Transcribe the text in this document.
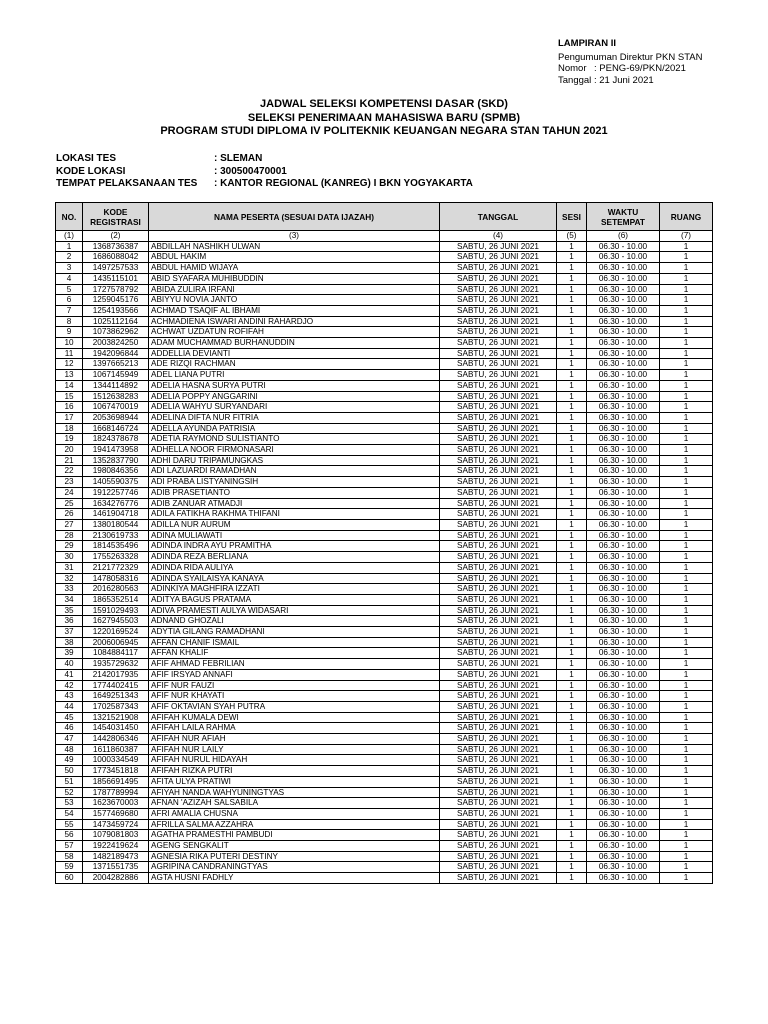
LAMPIRAN II
Pengumuman Direktur PKN STAN
Nomor : PENG-69/PKN/2021
Tanggal : 21 Juni 2021
JADWAL SELEKSI KOMPETENSI DASAR (SKD)
SELEKSI PENERIMAAN MAHASISWA BARU (SPMB)
PROGRAM STUDI DIPLOMA IV POLITEKNIK KEUANGAN NEGARA STAN TAHUN 2021
LOKASI TES	: SLEMAN
KODE LOKASI	: 300500470001
TEMPAT PELAKSANAAN TES	: KANTOR REGIONAL (KANREG) I BKN YOGYAKARTA
NO.	KODE REGISTRASI	NAMA PESERTA (SESUAI DATA IJAZAH)	TANGGAL	SESI	WAKTU SETEMPAT	RUANG
(1)	(2)	(3)	(4)	(5)	(6)	(7)
1	1368736387	ABDILLAH NASHIKH ULWAN	SABTU, 26 JUNI 2021	1	06.30 - 10.00	1
2	1686088042	ABDUL HAKIM	SABTU, 26 JUNI 2021	1	06.30 - 10.00	1
3	1497257533	ABDUL HAMID WIJAYA	SABTU, 26 JUNI 2021	1	06.30 - 10.00	1
4	1435115101	ABID SYAFARA MUHIBUDDIN	SABTU, 26 JUNI 2021	1	06.30 - 10.00	1
5	1727578792	ABIDA ZULIRA IRFANI	SABTU, 26 JUNI 2021	1	06.30 - 10.00	1
6	1259045176	ABIYYU NOVIA JANTO	SABTU, 26 JUNI 2021	1	06.30 - 10.00	1
7	1254193566	ACHMAD TSAQIF AL IBHAMI	SABTU, 26 JUNI 2021	1	06.30 - 10.00	1
8	1025112164	ACHMADIENA ISWARI ANDINI RAHARDJO	SABTU, 26 JUNI 2021	1	06.30 - 10.00	1
9	1073862962	ACHWAT UZDATUN ROFIFAH	SABTU, 26 JUNI 2021	1	06.30 - 10.00	1
10	2003824250	ADAM MUCHAMMAD BURHANUDDIN	SABTU, 26 JUNI 2021	1	06.30 - 10.00	1
11	1942096844	ADDELLIA DEVIANTI	SABTU, 26 JUNI 2021	1	06.30 - 10.00	1
12	1397665213	ADE RIZQI RACHMAN	SABTU, 26 JUNI 2021	1	06.30 - 10.00	1
13	1067145949	ADEL LIANA PUTRI	SABTU, 26 JUNI 2021	1	06.30 - 10.00	1
14	1344114892	ADELIA HASNA SURYA PUTRI	SABTU, 26 JUNI 2021	1	06.30 - 10.00	1
15	1512638283	ADELIA POPPY ANGGARINI	SABTU, 26 JUNI 2021	1	06.30 - 10.00	1
16	1067470019	ADELIA WAHYU SURYANDARI	SABTU, 26 JUNI 2021	1	06.30 - 10.00	1
17	2053698944	ADELINA DIFTA NUR FITRIA	SABTU, 26 JUNI 2021	1	06.30 - 10.00	1
18	1668146724	ADELLA AYUNDA PATRISIA	SABTU, 26 JUNI 2021	1	06.30 - 10.00	1
19	1824378678	ADETIA RAYMOND SULISTIANTO	SABTU, 26 JUNI 2021	1	06.30 - 10.00	1
20	1941473958	ADHELLA NOOR FIRMONASARI	SABTU, 26 JUNI 2021	1	06.30 - 10.00	1
21	1352837790	ADHI DARU TRIPAMUNGKAS	SABTU, 26 JUNI 2021	1	06.30 - 10.00	1
22	1980846356	ADI LAZUARDI RAMADHAN	SABTU, 26 JUNI 2021	1	06.30 - 10.00	1
23	1405590375	ADI PRABA LISTYANINGSIH	SABTU, 26 JUNI 2021	1	06.30 - 10.00	1
24	1912257746	ADIB PRASETIANTO	SABTU, 26 JUNI 2021	1	06.30 - 10.00	1
25	1634276776	ADIB ZANUAR ATMADJI	SABTU, 26 JUNI 2021	1	06.30 - 10.00	1
26	1461904718	ADILA FATIKHA RAKHMA THIFANI	SABTU, 26 JUNI 2021	1	06.30 - 10.00	1
27	1380180544	ADILLA NUR AURUM	SABTU, 26 JUNI 2021	1	06.30 - 10.00	1
28	2130619733	ADINA MULIAWATI	SABTU, 26 JUNI 2021	1	06.30 - 10.00	1
29	1814535496	ADINDA INDRA AYU PRAMITHA	SABTU, 26 JUNI 2021	1	06.30 - 10.00	1
30	1755263328	ADINDA REZA BERLIANA	SABTU, 26 JUNI 2021	1	06.30 - 10.00	1
31	2121772329	ADINDA RIDA AULIYA	SABTU, 26 JUNI 2021	1	06.30 - 10.00	1
32	1478058316	ADINDA SYAILAISYA KANAYA	SABTU, 26 JUNI 2021	1	06.30 - 10.00	1
33	2016280563	ADINKIYA MAGHFIRA IZZATI	SABTU, 26 JUNI 2021	1	06.30 - 10.00	1
34	1865352514	ADITYA BAGUS PRATAMA	SABTU, 26 JUNI 2021	1	06.30 - 10.00	1
35	1591029493	ADIVA PRAMESTI AULYA WIDASARI	SABTU, 26 JUNI 2021	1	06.30 - 10.00	1
36	1627945503	ADNAND GHOZALI	SABTU, 26 JUNI 2021	1	06.30 - 10.00	1
37	1220169524	ADYTIA GILANG RAMADHANI	SABTU, 26 JUNI 2021	1	06.30 - 10.00	1
38	2006006945	AFFAN CHANIF ISMAIL	SABTU, 26 JUNI 2021	1	06.30 - 10.00	1
39	1084884117	AFFAN KHALIF	SABTU, 26 JUNI 2021	1	06.30 - 10.00	1
40	1935729632	AFIF AHMAD FEBRILIAN	SABTU, 26 JUNI 2021	1	06.30 - 10.00	1
41	2142017935	AFIF IRSYAD ANNAFI	SABTU, 26 JUNI 2021	1	06.30 - 10.00	1
42	1774402415	AFIF NUR FAUZI	SABTU, 26 JUNI 2021	1	06.30 - 10.00	1
43	1649251343	AFIF NUR KHAYATI	SABTU, 26 JUNI 2021	1	06.30 - 10.00	1
44	1702587343	AFIF OKTAVIAN SYAH PUTRA	SABTU, 26 JUNI 2021	1	06.30 - 10.00	1
45	1321521908	AFIFAH KUMALA DEWI	SABTU, 26 JUNI 2021	1	06.30 - 10.00	1
46	1454031450	AFIFAH LAILA RAHMA	SABTU, 26 JUNI 2021	1	06.30 - 10.00	1
47	1442806346	AFIFAH NUR AFIAH	SABTU, 26 JUNI 2021	1	06.30 - 10.00	1
48	1611860387	AFIFAH NUR LAILY	SABTU, 26 JUNI 2021	1	06.30 - 10.00	1
49	1000334549	AFIFAH NURUL HIDAYAH	SABTU, 26 JUNI 2021	1	06.30 - 10.00	1
50	1773451818	AFIFAH RIZKA PUTRI	SABTU, 26 JUNI 2021	1	06.30 - 10.00	1
51	1856691495	AFITA ULYA PRATIWI	SABTU, 26 JUNI 2021	1	06.30 - 10.00	1
52	1787789994	AFIYAH NANDA WAHYUNINGTYAS	SABTU, 26 JUNI 2021	1	06.30 - 10.00	1
53	1623670003	AFNAN 'AZIZAH SALSABILA	SABTU, 26 JUNI 2021	1	06.30 - 10.00	1
54	1577469680	AFRI AMALIA CHUSNA	SABTU, 26 JUNI 2021	1	06.30 - 10.00	1
55	1473459724	AFRILLA SALMA AZZAHRA	SABTU, 26 JUNI 2021	1	06.30 - 10.00	1
56	1079081803	AGATHA PRAMESTHI PAMBUDI	SABTU, 26 JUNI 2021	1	06.30 - 10.00	1
57	1922419624	AGENG SENGKALIT	SABTU, 26 JUNI 2021	1	06.30 - 10.00	1
58	1482189473	AGNESIA RIKA PUTERI DESTINY	SABTU, 26 JUNI 2021	1	06.30 - 10.00	1
59	1371551735	AGRIPINA CANDRANINGTYAS	SABTU, 26 JUNI 2021	1	06.30 - 10.00	1
60	2004282886	AGTA HUSNI FADHLY	SABTU, 26 JUNI 2021	1	06.30 - 10.00	1
